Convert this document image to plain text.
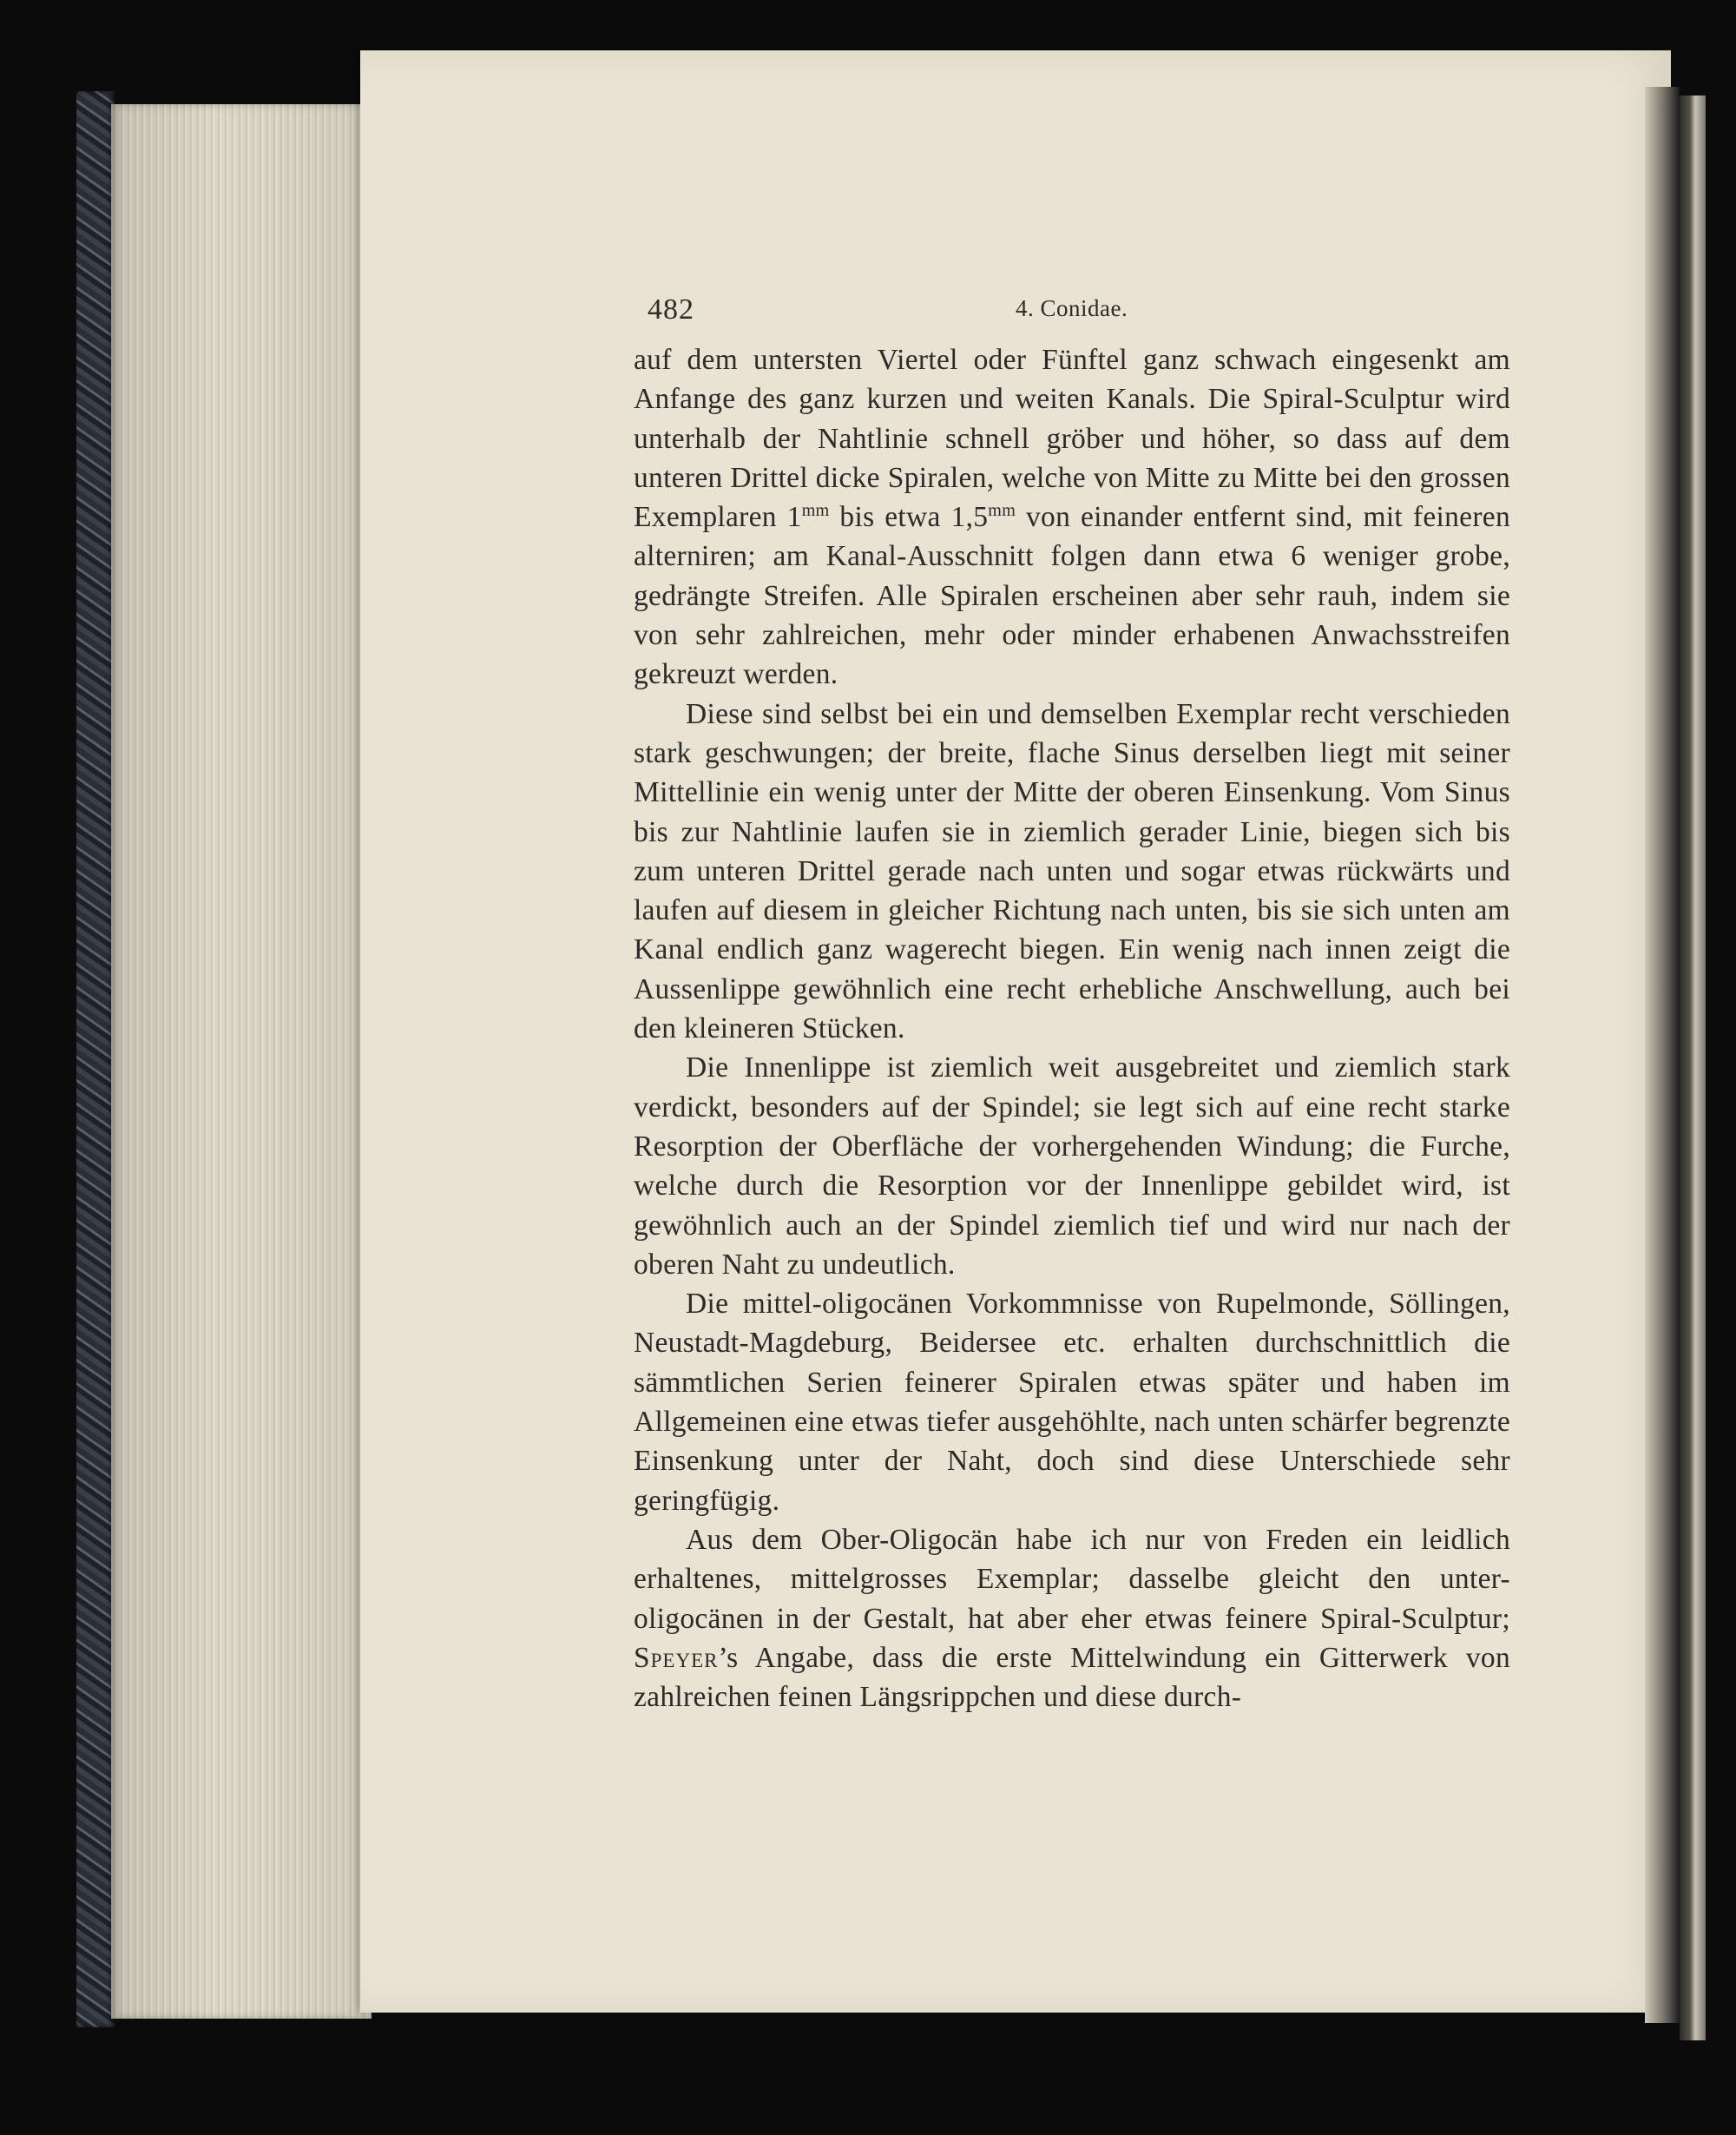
482	4. Conidae.

auf dem untersten Viertel oder Fünftel ganz schwach eingesenkt am Anfange des ganz kurzen und weiten Kanals. Die Spiral-Sculptur wird unterhalb der Nahtlinie schnell gröber und höher, so dass auf dem unteren Drittel dicke Spiralen, welche von Mitte zu Mitte bei den grossen Exemplaren $1^{mm}$ bis etwa $1,5^{mm}$ von einander entfernt sind, mit feineren alterniren; am Kanal-Ausschnitt folgen dann etwa 6 weniger grobe, gedrängte Streifen. Alle Spiralen erscheinen aber sehr rauh, indem sie von sehr zahlreichen, mehr oder minder erhabenen Anwachsstreifen gekreuzt werden.

Diese sind selbst bei ein und demselben Exemplar recht verschieden stark geschwungen; der breite, flache Sinus derselben liegt mit seiner Mittellinie ein wenig unter der Mitte der oberen Einsenkung. Vom Sinus bis zur Nahtlinie laufen sie in ziemlich gerader Linie, biegen sich bis zum unteren Drittel gerade nach unten und sogar etwas rückwärts und laufen auf diesem in gleicher Richtung nach unten, bis sie sich unten am Kanal endlich ganz wagerecht biegen. Ein wenig nach innen zeigt die Aussenlippe gewöhnlich eine recht erhebliche Anschwellung, auch bei den kleineren Stücken.

Die Innenlippe ist ziemlich weit ausgebreitet und ziemlich stark verdickt, besonders auf der Spindel; sie legt sich auf eine recht starke Resorption der Oberfläche der vorhergehenden Windung; die Furche, welche durch die Resorption vor der Innenlippe gebildet wird, ist gewöhnlich auch an der Spindel ziemlich tief und wird nur nach der oberen Naht zu undeutlich.

Die mittel-oligocänen Vorkommnisse von Rupelmonde, Söllingen, Neustadt-Magdeburg, Beidersee etc. erhalten durchschnittlich die sämmtlichen Serien feinerer Spiralen etwas später und haben im Allgemeinen eine etwas tiefer ausgehöhlte, nach unten schärfer begrenzte Einsenkung unter der Naht, doch sind diese Unterschiede sehr geringfügig.

Aus dem Ober-Oligocän habe ich nur von Freden ein leidlich erhaltenes, mittelgrosses Exemplar; dasselbe gleicht den unter-oligocänen in der Gestalt, hat aber eher etwas feinere Spiral-Sculptur; Speyer’s Angabe, dass die erste Mittelwindung ein Gitterwerk von zahlreichen feinen Längsrippchen und diese durch-
